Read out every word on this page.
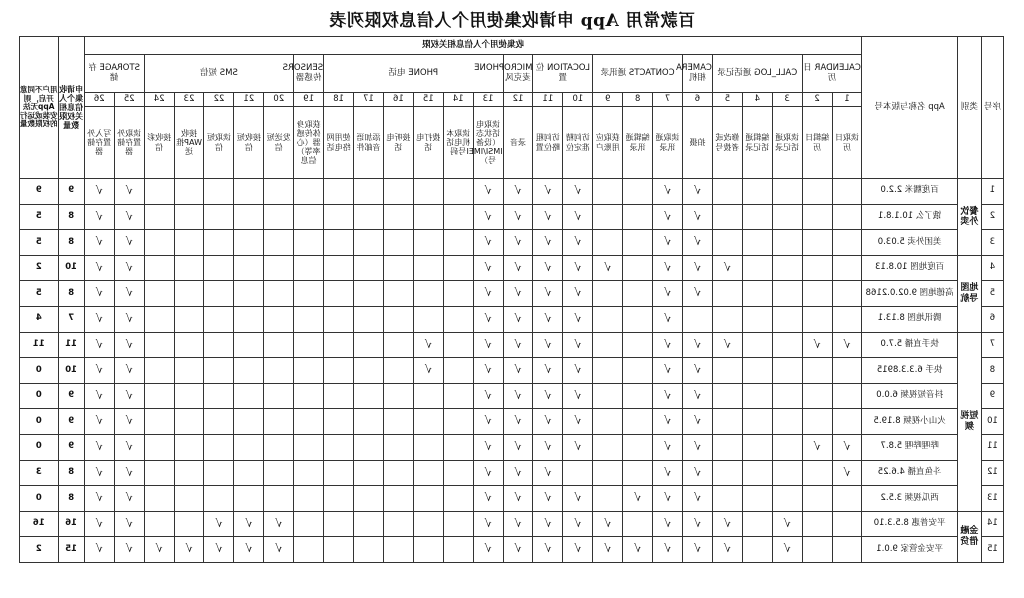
百款常用 App 申请收集使用个人信息权限列表
序号	类别	App 名称与版本号	收集使用个人信息相关权限																										申请收集个人信息相关权限数量	用户不同意开启，则App无法安装或运行的权限数量
			CALENDAR 日历		CALL_LOG 通话记录			CAMERA 相机	CONTACTS 通讯录			LOCATION 位置		MICROPHONE 麦克风	PHONE 电话						SENSORS 传感器	SMS 短信					STORAGE 存储			
			1	2	3	4	5	6	7	8	9	10	11	12	13	14	15	16	17	18	19	20	21	22	23	24	25	26		
			读取日历	编辑日历	读取通话记录	编辑通话记录	修改或者拨号	拍摄	读取通讯录	编辑通讯录	获取应用账户	访问精准定位	访问粗略位置	录音	读取电话状态（设备IMSI/IMEI号）	读取本机电话号码	拨打电话	接听电话	添加语音邮件	使用网络电话	获取身体传感器（心率等）信息	发送短信	接收短信	读取短信	接收WAP推送	接收彩信	读取外置存储器	写入外置存储器		
1	餐饮外卖	百度糯米 2.2.0						√	√			√	√	√	√												√	√	9	9
2		饿了么 10.1.8.1						√	√			√	√	√	√												√	√	8	5
3		美团外卖 5.03.0						√	√			√	√	√	√												√	√	8	5
4	地图导航	百度地图 10.8.13					√	√	√		√	√	√	√	√												√	√	10	2
5		高德地图 9.02.0.2168						√	√			√	√	√	√												√	√	8	5
6		腾讯地图 8.13.1							√			√	√	√	√												√	√	7	4
7	短视频	快手直播 5.7.0	√	√			√	√	√			√	√	√	√		√										√	√	11	11
8		快手 6.3.3.8915						√	√			√	√	√	√		√										√	√	10	0
9		抖音短视频 6.0.0						√	√			√	√	√	√												√	√	9	0
10		火山小视频 8.19.5						√	√			√	√	√	√												√	√	9	0
11		哔哩哔哩 5.8.7	√	√				√	√			√	√	√	√												√	√	9	0
12		斗鱼直播 4.6.25	√					√	√				√	√	√												√	√	8	3
13		西瓜视频 3.5.2						√	√	√		√	√	√	√												√	√	8	0
14	金融借贷	平安普惠 8.5.3.10			√		√	√	√		√	√	√	√	√							√	√	√			√	√	16	16
15		平安金管家 9.0.1			√		√	√	√	√	√	√	√	√	√							√	√	√	√	√	√	√	15	2
